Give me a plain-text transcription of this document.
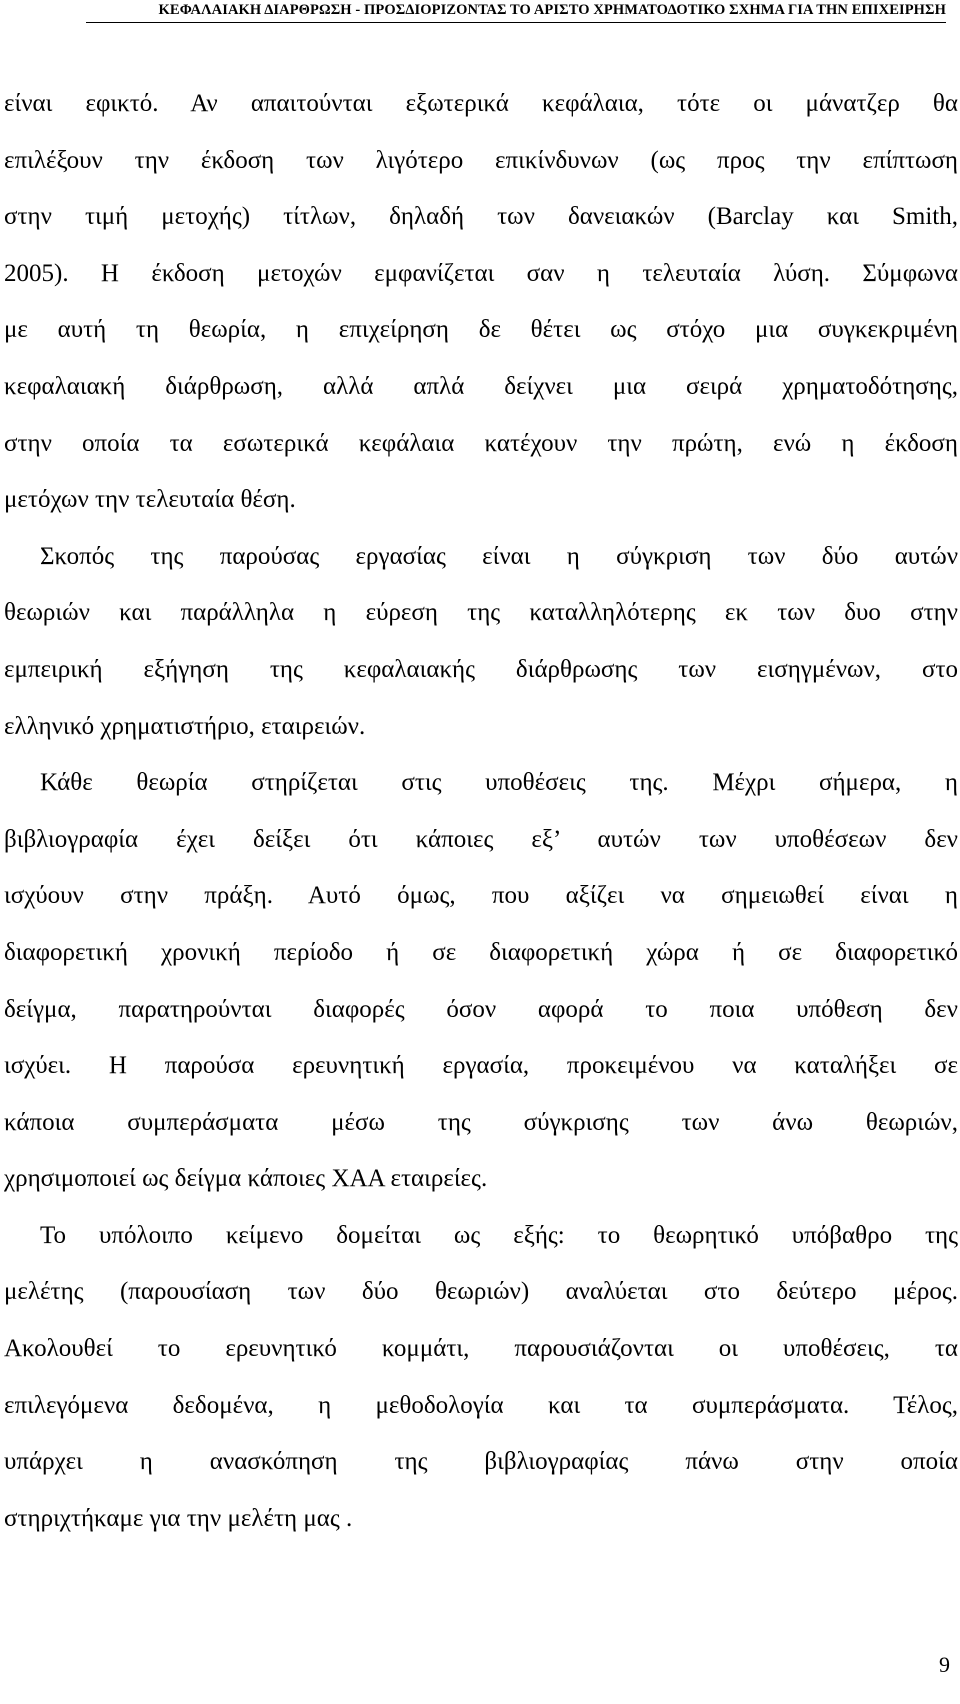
ΚΕΦΑΛΑΙΑΚΗ ΔΙΑΡΘΡΩΣΗ - ΠΡΟΣΔΙΟΡΙΖΟΝΤΑΣ ΤΟ ΑΡΙΣΤΟ ΧΡΗΜΑΤΟΔΟΤΙΚΟ ΣΧΗΜΑ ΓΙΑ ΤΗΝ ΕΠΙΧΕΙΡΗΣΗ
είναι εφικτό. Αν απαιτούνται εξωτερικά κεφάλαια, τότε οι μάνατζερ θα
επιλέξουν την έκδοση των λιγότερο επικίνδυνων (ως προς την επίπτωση
στην τιμή μετοχής) τίτλων, δηλαδή των δανειακών (Barclay και Smith,
2005). Η έκδοση μετοχών εμφανίζεται σαν η τελευταία λύση. Σύμφωνα
με αυτή τη θεωρία, η επιχείρηση δε θέτει ως στόχο μια συγκεκριμένη
κεφαλαιακή διάρθρωση, αλλά απλά δείχνει μια σειρά χρηματοδότησης,
στην οποία τα εσωτερικά κεφάλαια κατέχουν την πρώτη, ενώ η έκδοση
μετόχων την τελευταία θέση.
Σκοπός της παρούσας εργασίας είναι η σύγκριση των δύο αυτών
θεωριών και παράλληλα η εύρεση της καταλληλότερης εκ των δυο στην
εμπειρική εξήγηση της κεφαλαιακής διάρθρωσης των εισηγμένων, στο
ελληνικό χρηματιστήριο, εταιρειών.
Κάθε θεωρία στηρίζεται στις υποθέσεις της. Μέχρι σήμερα, η
βιβλιογραφία έχει δείξει ότι κάποιες εξ’ αυτών των υποθέσεων δεν
ισχύουν στην πράξη. Αυτό όμως, που αξίζει να σημειωθεί είναι η
διαφορετική χρονική περίοδο ή σε διαφορετική χώρα ή σε διαφορετικό
δείγμα, παρατηρούνται διαφορές όσον αφορά το ποια υπόθεση δεν
ισχύει. Η παρούσα ερευνητική εργασία, προκειμένου να καταλήξει σε
κάποια συμπεράσματα μέσω της σύγκρισης των άνω θεωριών,
χρησιμοποιεί ως δείγμα κάποιες ΧΑΑ εταιρείες.
Το υπόλοιπο κείμενο δομείται ως εξής: το θεωρητικό υπόβαθρο της
μελέτης (παρουσίαση των δύο θεωριών) αναλύεται στο δεύτερο μέρος.
Ακολουθεί το ερευνητικό κομμάτι, παρουσιάζονται οι υποθέσεις, τα
επιλεγόμενα δεδομένα, η μεθοδολογία και τα συμπεράσματα. Τέλος,
υπάρχει η ανασκόπηση της βιβλιογραφίας πάνω στην οποία
στηριχτήκαμε για την μελέτη μας .
9
